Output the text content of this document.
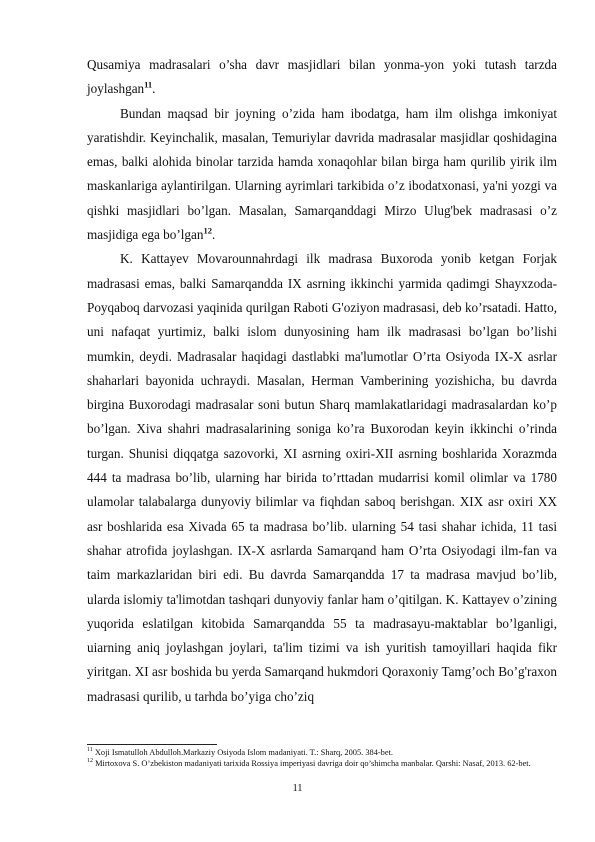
Qusamiya madrasalari o’sha davr masjidlari bilan yonma-yon yoki tutash tarzda joylashgan$^{11}$.

Bundan maqsad bir joyning o’zida ham ibodatga, ham ilm olishga imkoniyat yaratishdir. Keyinchalik, masalan, Temuriylar davrida madrasalar masjidlar qoshidagina emas, balki alohida binolar tarzida hamda xonaqohlar bilan birga ham qurilib yirik ilm maskanlariga aylantirilgan. Ularning ayrimlari tarkibida o’z ibodatxonasi, ya'ni yozgi va qishki masjidlari bo’lgan. Masalan, Samarqanddagi Mirzo Ulug'bek madrasasi o’z masjidiga ega bo’lgan$^{12}$.

K. Kattayev Movarounnahrdagi ilk madrasa Buxoroda yonib ketgan Forjak madrasasi emas, balki Samarqandda IX asrning ikkinchi yarmida qadimgi Shayxzoda-Poyqaboq darvozasi yaqinida qurilgan Raboti G'oziyon madrasasi, deb ko’rsatadi. Hatto, uni nafaqat yurtimiz, balki islom dunyosining ham ilk madrasasi bo’lgan bo’lishi mumkin, deydi. Madrasalar haqidagi dastlabki ma'lumotlar O’rta Osiyoda IX-X asrlar shaharlari bayonida uchraydi. Masalan, Herman Vamberining yozishicha, bu davrda birgina Buxorodagi madrasalar soni butun Sharq mamlakatlaridagi madrasalardan ko’p bo’lgan. Xiva shahri madrasalarining soniga ko’ra Buxorodan keyin ikkinchi o’rinda turgan. Shunisi diqqatga sazovorki, XI asrning oxiri-XII asrning boshlarida Xorazmda 444 ta madrasa bo’lib, ularning har birida to’rttadan mudarrisi komil olimlar va 1780 ulamolar talabalarga dunyoviy bilimlar va fiqhdan saboq berishgan. XIX asr oxiri XX asr boshlarida esa Xivada 65 ta madrasa bo’lib. ularning 54 tasi shahar ichida, 11 tasi shahar atrofida joylashgan. IX-X asrlarda Samarqand ham O’rta Osiyodagi ilm-fan va taim markazlaridan biri edi. Bu davrda Samarqandda 17 ta madrasa mavjud bo’lib, ularda islomiy ta'limotdan tashqari dunyoviy fanlar ham o’qitilgan. K. Kattayev o’zining yuqorida eslatilgan kitobida Samarqandda 55 ta madrasayu-maktablar bo’lganligi, uiarning aniq joylashgan joylari, ta'lim tizimi va ish yuritish tamoyillari haqida fikr yiritgan. XI asr boshida bu yerda Samarqand hukmdori Qoraxoniy Tamg’och Bo’g'raxon madrasasi qurilib, u tarhda bo’yiga cho’ziq

$^{11}$ Xoji Ismatulloh Abdulloh.Markaziy Osiyoda Islom madaniyati. T.: Sharq, 2005. 384-bet.

$^{12}$ Mirtoxova S. O’zbekiston madaniyati tarixida Rossiya imperiyasi davriga doir qo’shimcha manbalar. Qarshi: Nasaf, 2013. 62-bet.

11
